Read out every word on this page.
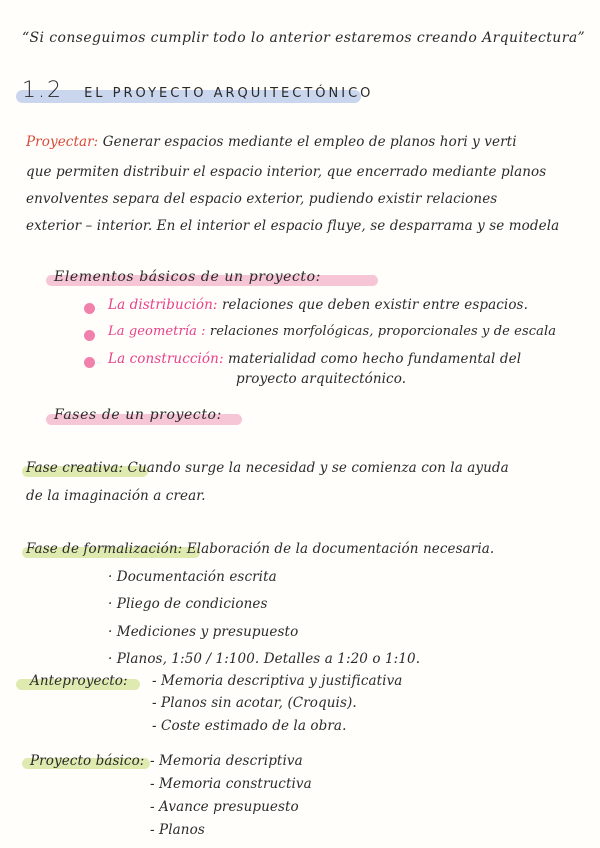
“Si conseguimos cumplir todo lo anterior estaremos creando Arquitectura”
1.2 EL PROYECTO ARQUITECTÓNICO
Proyectar: Generar espacios mediante el empleo de planos hori y verti
que permiten distribuir el espacio interior, que encerrado mediante planos
envolventes separa del espacio exterior, pudiendo existir relaciones
exterior – interior. En el interior el espacio fluye, se desparrama y se modela
Elementos básicos de un proyecto:
La distribución: relaciones que deben existir entre espacios.
La geometría : relaciones morfológicas, proporcionales y de escala
La construcción: materialidad como hecho fundamental del
proyecto arquitectónico.
Fases de un proyecto:
Fase creativa: Cuando surge la necesidad y se comienza con la ayuda
de la imaginación a crear.
Fase de formalización: Elaboración de la documentación necesaria.
· Documentación escrita
· Pliego de condiciones
· Mediciones y presupuesto
· Planos, 1:50 / 1:100. Detalles a 1:20 o 1:10.
Anteproyecto: - Memoria descriptiva y justificativa
- Planos sin acotar, (Croquis).
- Coste estimado de la obra.
Proyecto básico: - Memoria descriptiva
- Memoria constructiva
- Avance presupuesto
- Planos
